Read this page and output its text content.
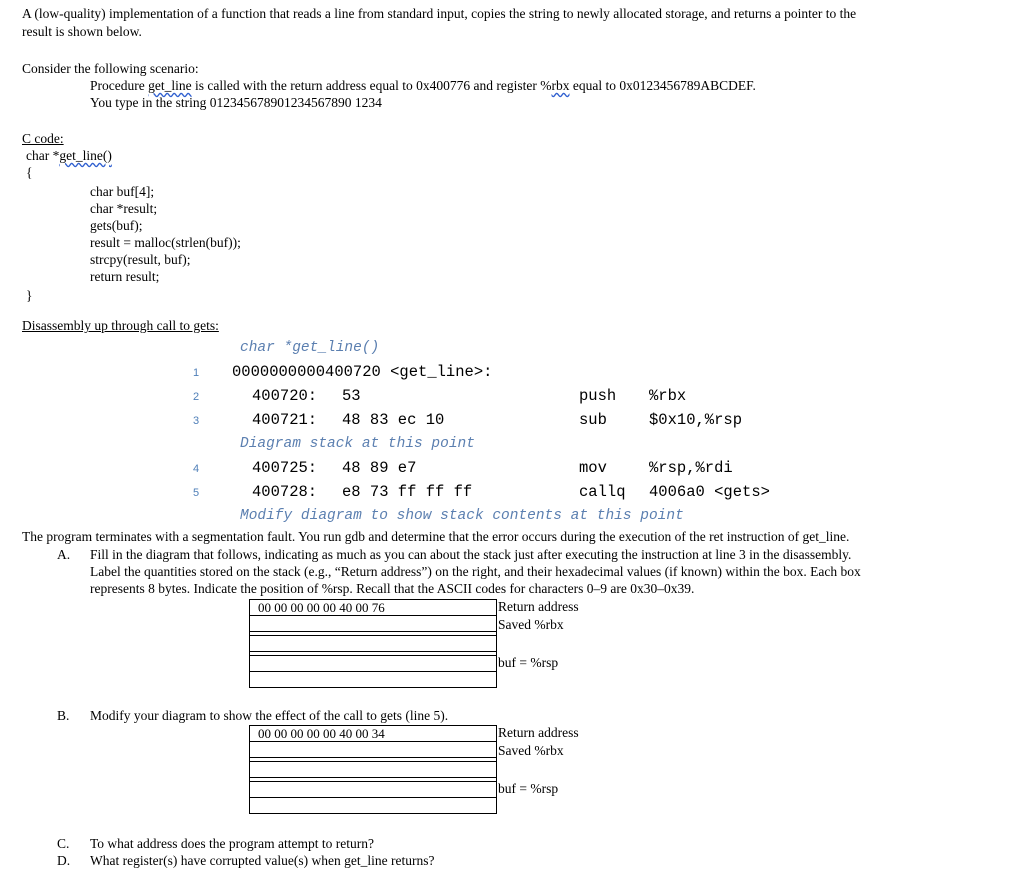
A (low-quality) implementation of a function that reads a line from standard input, copies the string to newly allocated storage, and returns a pointer to the
result is shown below.
Consider the following scenario:
Procedure get_line is called with the return address equal to 0x400776 and register %rbx equal to 0x0123456789ABCDEF.
You type in the string 012345678901234567890 1234
C code:
char *get_line()
{
char buf[4];
char *result;
gets(buf);
result = malloc(strlen(buf));
strcpy(result, buf);
return result;
}
Disassembly up through call to gets:
char *get_line()
1 0000000000400720 <get_line>:
2	400720: 53	push %rbx
3	400721: 48 83 ec 10	sub	$0x10,%rsp
Diagram stack at this point
4	400725: 48 89 e7	mov	%rsp,%rdi
5	400728: e8 73 ff ff ff	callq 4006a0 <gets>
Modify diagram to show stack contents at this point
The program terminates with a segmentation fault. You run gdb and determine that the error occurs during the execution of the ret instruction of get_line.
A. Fill in the diagram that follows, indicating as much as you can about the stack just after executing the instruction at line 3 in the disassembly.
Label the quantities stored on the stack (e.g., “Return address”) on the right, and their hexadecimal values (if known) within the box. Each box
represents 8 bytes. Indicate the position of %rsp. Recall that the ASCII codes for characters 0–9 are 0x30–0x39.
00 00 00 00 00 40 00 76	Return address
Saved %rbx
buf = %rsp
B. Modify your diagram to show the effect of the call to gets (line 5).
00 00 00 00 00 40 00 34	Return address
Saved %rbx
buf = %rsp
C. To what address does the program attempt to return?
D. What register(s) have corrupted value(s) when get_line returns?
